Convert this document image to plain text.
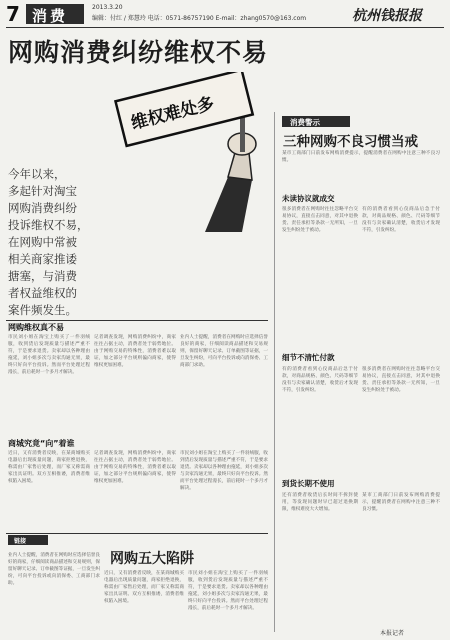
7 消费	2013.3.20
编辑：付红 / 郑慧玲 电话：0571-86757190 E-mail：zhang0570@163.com	杭州钱报报
网购消费纠纷维权不易
维权难处多
今年以来，
多起针对淘宝
网购消费纠纷
投诉维权不易，
在网购中常被
相关商家推诿
搪塞，与消费
者权益维权的
案件频发生。
网购维权真不易
市民刘小姐在淘宝上购买了一件羽绒服，收到货后发现质量与描述严重不符，于是要求退货。卖家却以各种理由拖延，刘小姐多次与卖家沟通无果，最终只好向平台投诉。然而平台处理过程漫长，前后耗时一个多月才解决。
记者调查发现，网购消费纠纷中，商家往往占据主动，消费者处于弱势地位。由于网购交易的特殊性，消费者难以取证，加之部分平台规则偏向商家，使得维权更加困难。
业内人士提醒，消费者在网购时应选择信誉良好的商家，仔细阅读商品描述和交易规则，保留好聊天记录、订单截图等证据，一旦发生纠纷，可向平台投诉或向消保委、工商部门求助。
商城究竟“向”着谁
近日，又有消费者反映，在某商城购买电器后出现质量问题，商家拒绝退换，称需由厂家售后处理，而厂家又称需商家出具证明。双方互相推诿，消费者维权陷入困境。
记者调查发现，网购消费纠纷中，商家往往占据主动，消费者处于弱势地位。由于网购交易的特殊性，消费者难以取证，加之部分平台规则偏向商家，使得维权更加困难。
市民刘小姐在淘宝上购买了一件羽绒服，收到货后发现质量与描述严重不符，于是要求退货。卖家却以各种理由拖延，刘小姐多次与卖家沟通无果，最终只好向平台投诉。然而平台处理过程漫长，前后耗时一个多月才解决。
链接
网购五大陷阱
业内人士提醒，消费者在网购时应选择信誉良好的商家，仔细阅读商品描述和交易规则，保留好聊天记录、订单截图等证据，一旦发生纠纷，可向平台投诉或向消保委、工商部门求助。
近日，又有消费者反映，在某商城购买电器后出现质量问题，商家拒绝退换，称需由厂家售后处理，而厂家又称需商家出具证明。双方互相推诿，消费者维权陷入困境。
市民刘小姐在淘宝上购买了一件羽绒服，收到货后发现质量与描述严重不符，于是要求退货。卖家却以各种理由拖延，刘小姐多次与卖家沟通无果，最终只好向平台投诉。然而平台处理过程漫长，前后耗时一个多月才解决。
消费警示
三种网购不良习惯当戒
某市工商部门日前发布网购消费提示，提醒消费者在网购中注意三种不良习惯。
未读协议就成交
很多消费者在网购时往往忽略平台交易协议，直接点击同意，对其中退换货、责任承担等条款一无所知，一旦发生纠纷处于被动。
有的消费者看到心仪商品后急于付款，对商品规格、颜色、尺码等细节没有与卖家确认清楚，收货后才发现不符，引发纠纷。
细节不清忙付款
有的消费者看到心仪商品后急于付款，对商品规格、颜色、尺码等细节没有与卖家确认清楚，收货后才发现不符，引发纠纷。
很多消费者在网购时往往忽略平台交易协议，直接点击同意，对其中退换货、责任承担等条款一无所知，一旦发生纠纷处于被动。
到货长期不使用
还有消费者收货后长时间不拆封使用，等发现问题时早已超过退换期限，维权难度大大增加。
某市工商部门日前发布网购消费提示，提醒消费者在网购中注意三种不良习惯。
本报记者
